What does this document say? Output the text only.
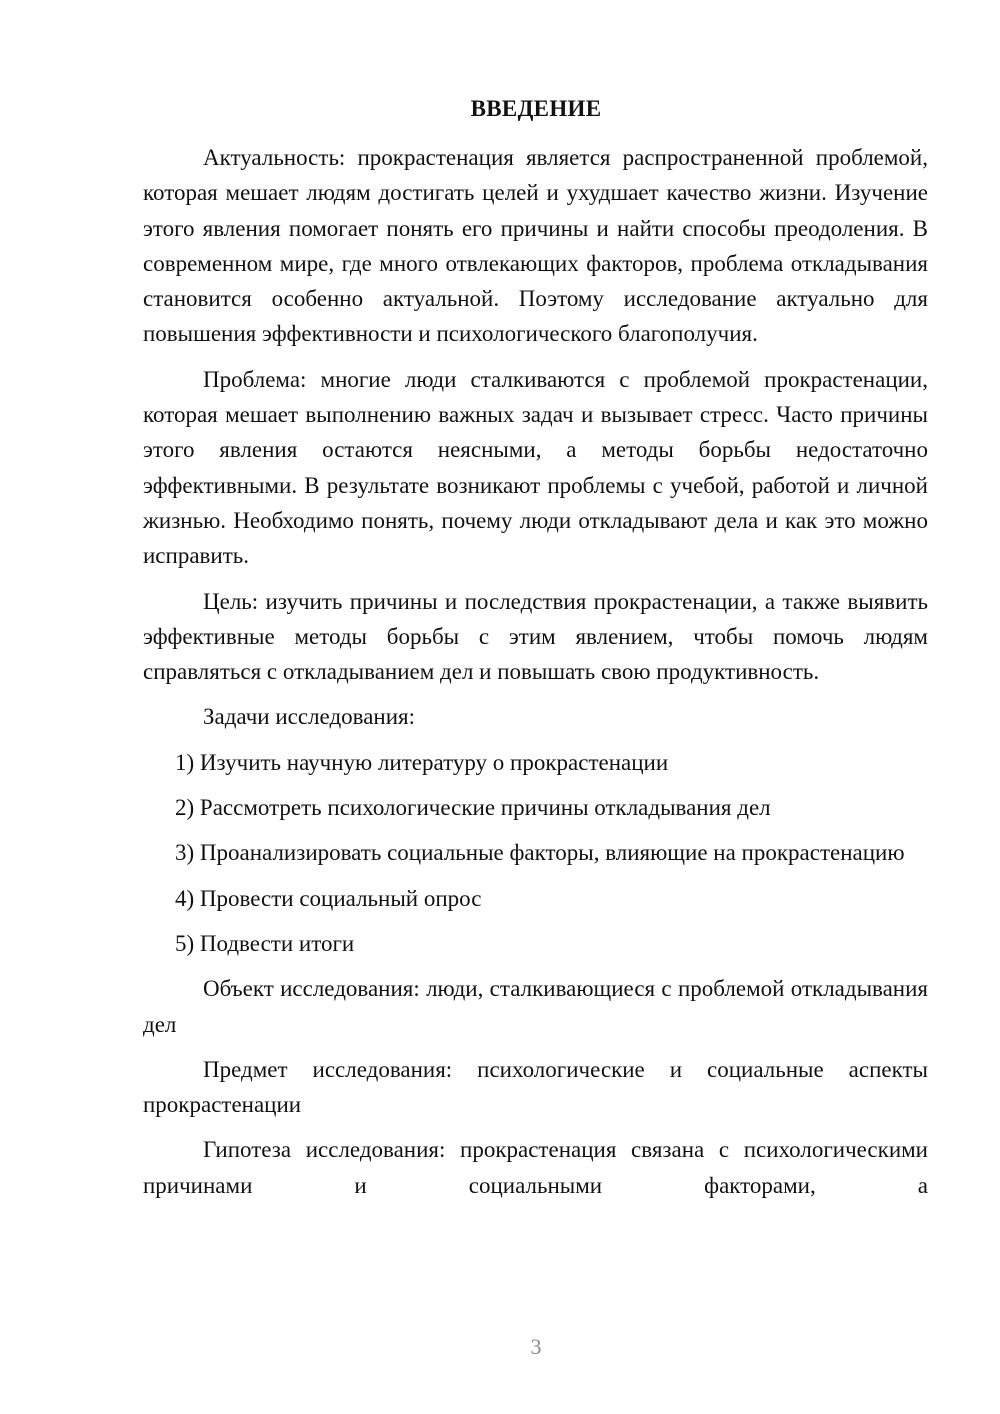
ВВЕДЕНИЕ

Актуальность: прокрастенация является распространенной проблемой, которая мешает людям достигать целей и ухудшает качество жизни. Изучение этого явления помогает понять его причины и найти способы преодоления. В современном мире, где много отвлекающих факторов, проблема откладывания становится особенно актуальной. Поэтому исследование актуально для повышения эффективности и психологического благополучия.

Проблема: многие люди сталкиваются с проблемой прокрастенации, которая мешает выполнению важных задач и вызывает стресс. Часто причины этого явления остаются неясными, а методы борьбы недостаточно эффективными. В результате возникают проблемы с учебой, работой и личной жизнью. Необходимо понять, почему люди откладывают дела и как это можно исправить.

Цель: изучить причины и последствия прокрастенации, а также выявить эффективные методы борьбы с этим явлением, чтобы помочь людям справляться с откладыванием дел и повышать свою продуктивность.

Задачи исследования:

1) Изучить научную литературу о прокрастенации

2) Рассмотреть психологические причины откладывания дел

3) Проанализировать социальные факторы, влияющие на прокрастенацию

4) Провести социальный опрос

5) Подвести итоги

Объект исследования: люди, сталкивающиеся с проблемой откладывания дел

Предмет исследования: психологические и социальные аспекты прокрастенации

Гипотеза исследования: прокрастенация связана с психологическими причинами и социальными факторами, а

3
